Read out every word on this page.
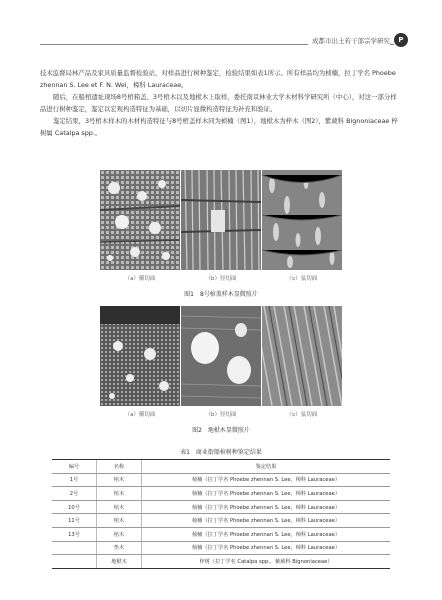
成都市出土若干部宗学研究	P

技术监督局林产品及家具质量监督检验站，对样品进行树种鉴定，检验结果如表1所示。所有样品均为桢楠，拉丁学名 Phoebe zhennan S. Lee et F. N. Wei，樟科 Lauraceae。

随后，在船棺遗址现场8号棺箱盖、3号棺木以及地栿木上取样，委托南京林业大学木材科学研究所（中心），对这一部分样品进行树种鉴定，鉴定以宏观构造特征为基础，以切片显微构造特征为补充和验证。

鉴定结果，3号棺木样木的木材构造特征与8号棺盖样木同为桢楠（图1），地栿木为梓木（图2），紫葳科 Bignoniaceae 梓树属 Catalpa spp.。

（a）横切面	（b）径切面	（c）弦切面
图1　8号棺盖样木显微照片
（a）横切面	（b）径切面	（c）弦切面
图2　地栿木显微照片
表1　商业街船棺树种鉴定结果
编号	名称	鉴定结果
1号	棺木	桢楠（拉丁学名 Phoebe zhennan S. Lee，樟科 Lauraceae）
2号	棺木	桢楠（拉丁学名 Phoebe zhennan S. Lee，樟科 Lauraceae）
10号	棺木	桢楠（拉丁学名 Phoebe zhennan S. Lee，樟科 Lauraceae）
11号	棺木	桢楠（拉丁学名 Phoebe zhennan S. Lee，樟科 Lauraceae）
13号	棺木	桢楠（拉丁学名 Phoebe zhennan S. Lee，樟科 Lauraceae）
	垫木	桢楠（拉丁学名 Phoebe zhennan S. Lee，樟科 Lauraceae）
	地栿木	梓树（拉丁学名 Catalpa spp.，紫葳科 Bignoniaceae）
